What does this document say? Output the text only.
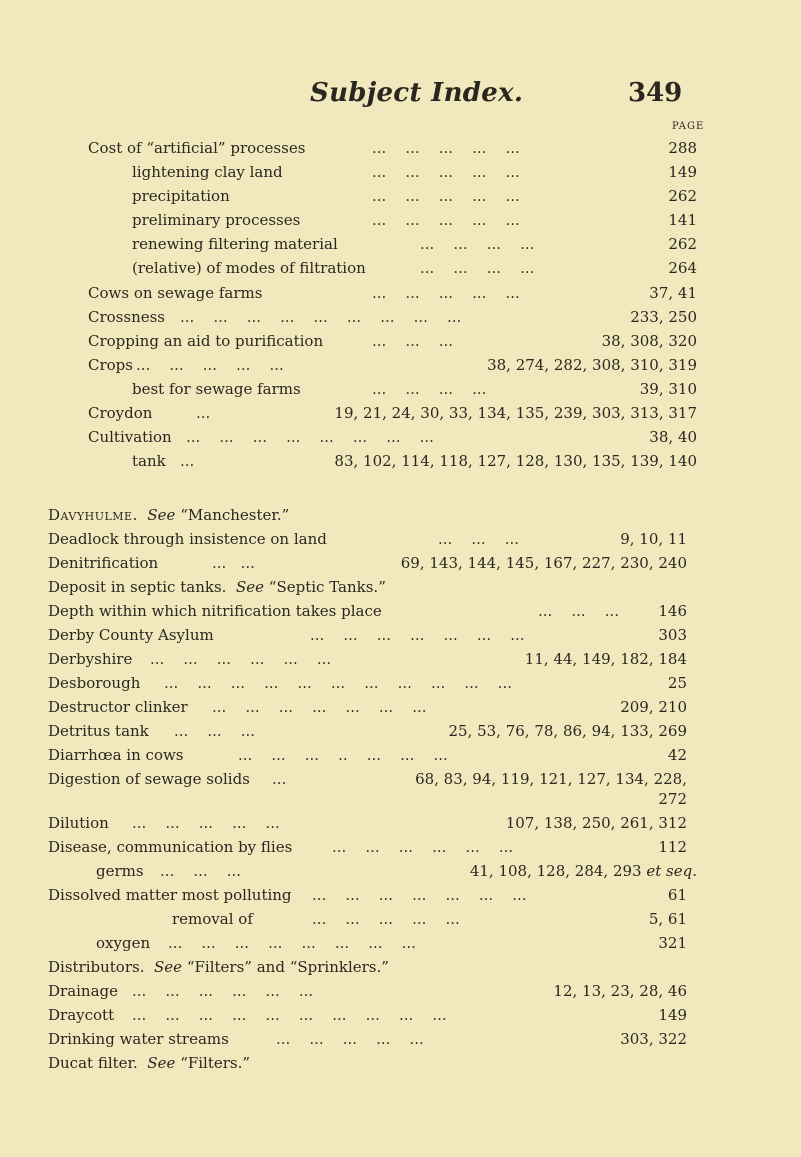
Subject Index.	349
PAGE
Cost of “artificial” processes	...    ...    ...    ...    ...	288
lightening clay land	...    ...    ...    ...    ...	149
precipitation	...    ...    ...    ...    ...	262
preliminary processes	...    ...    ...    ...    ...	141
renewing filtering material	...    ...    ...    ...	262
(relative) of modes of filtration	...    ...    ...    ...	264
Cows on sewage farms	...    ...    ...    ...    ...	37, 41
Crossness ...    ...    ...    ...    ...    ...    ...    ...    ...	233, 250
Cropping an aid to purification	...    ...    ...	38, 308, 320
Crops ...    ...    ...    ...    ...	38, 274, 282, 308, 310, 319
best for sewage farms	...    ...    ...    ...	39, 310
Croydon	...	19, 21, 24, 30, 33, 134, 135, 239, 303, 313, 317
Cultivation ...    ...    ...    ...    ...    ...    ...    ...	38, 40
tank ...	83, 102, 114, 118, 127, 128, 130, 135, 139, 140
Davyhulme. See “Manchester.”
Deadlock through insistence on land	...    ...    ...	9, 10, 11
Denitrification	...   ...	69, 143, 144, 145, 167, 227, 230, 240
Deposit in septic tanks. See “Septic Tanks.”
Depth within which nitrification takes place	...    ...    ...	146
Derby County Asylum	...    ...    ...    ...    ...    ...    ...	303
Derbyshire ...    ...    ...    ...    ...    ...	11, 44, 149, 182, 184
Desborough ...    ...    ...    ...    ...    ...    ...    ...    ...    ...    ...	25
Destructor clinker ...    ...    ...    ...    ...    ...    ...	209, 210
Detritus tank ...    ...    ...	25, 53, 76, 78, 86, 94, 133, 269
Diarrhœa in cows	...    ...    ...    ..    ...    ...    ...	42
Digestion of sewage solids ...	68, 83, 94, 119, 121, 127, 134, 228,
272
Dilution ...    ...    ...    ...    ...	107, 138, 250, 261, 312
Disease, communication by flies	...    ...    ...    ...    ...    ...	112
germs ...    ...    ...	41, 108, 128, 284, 293 et seq.
Dissolved matter most polluting ...    ...    ...    ...    ...    ...    ...	61
removal of	...    ...    ...    ...    ...	5, 61
oxygen ...    ...    ...    ...    ...    ...    ...    ...	321
Distributors. See “Filters” and “Sprinklers.”
Drainage ...    ...    ...    ...    ...    ...	12, 13, 23, 28, 46
Draycott ...    ...    ...    ...    ...    ...    ...    ...    ...    ...	149
Drinking water streams	...    ...    ...    ...    ...	303, 322
Ducat filter. See “Filters.”
